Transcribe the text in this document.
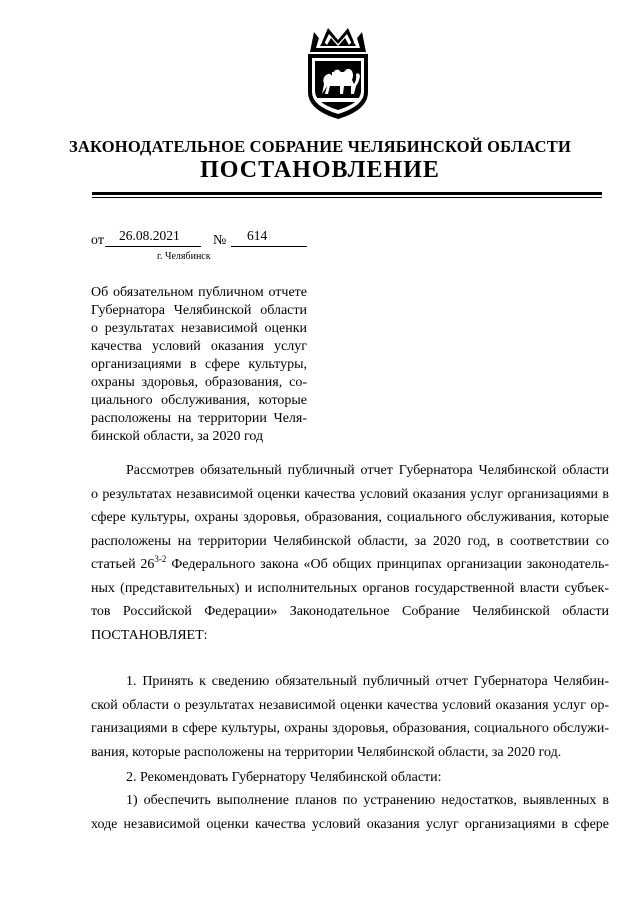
ЗАКОНОДАТЕЛЬНОЕ СОБРАНИЕ ЧЕЛЯБИНСКОЙ ОБЛАСТИ
ПОСТАНОВЛЕНИЕ
от 26.08.2021 № 614
г. Челябинск
Об обязательном публичном отчете
Губернатора Челябинской области
о результатах независимой оценки
качества условий оказания услуг
организациями в сфере культуры,
охраны здоровья, образования, со-
циального обслуживания, которые
расположены на территории Челя-
бинской области, за 2020 год
Рассмотрев обязательный публичный отчет Губернатора Челябинской области
о результатах независимой оценки качества условий оказания услуг организациями в
сфере культуры, охраны здоровья, образования, социального обслуживания, которые
расположены на территории Челябинской области, за 2020 год, в соответствии со
статьей 26$^{3-2}$ Федерального закона «Об общих принципах организации законодатель-
ных (представительных) и исполнительных органов государственной власти субъек-
тов Российской Федерации» Законодательное Собрание Челябинской области
ПОСТАНОВЛЯЕТ:
1. Принять к сведению обязательный публичный отчет Губернатора Челябин-
ской области о результатах независимой оценки качества условий оказания услуг ор-
ганизациями в сфере культуры, охраны здоровья, образования, социального обслужи-
вания, которые расположены на территории Челябинской области, за 2020 год.
2. Рекомендовать Губернатору Челябинской области:
1) обеспечить выполнение планов по устранению недостатков, выявленных в
ходе независимой оценки качества условий оказания услуг организациями в сфере
